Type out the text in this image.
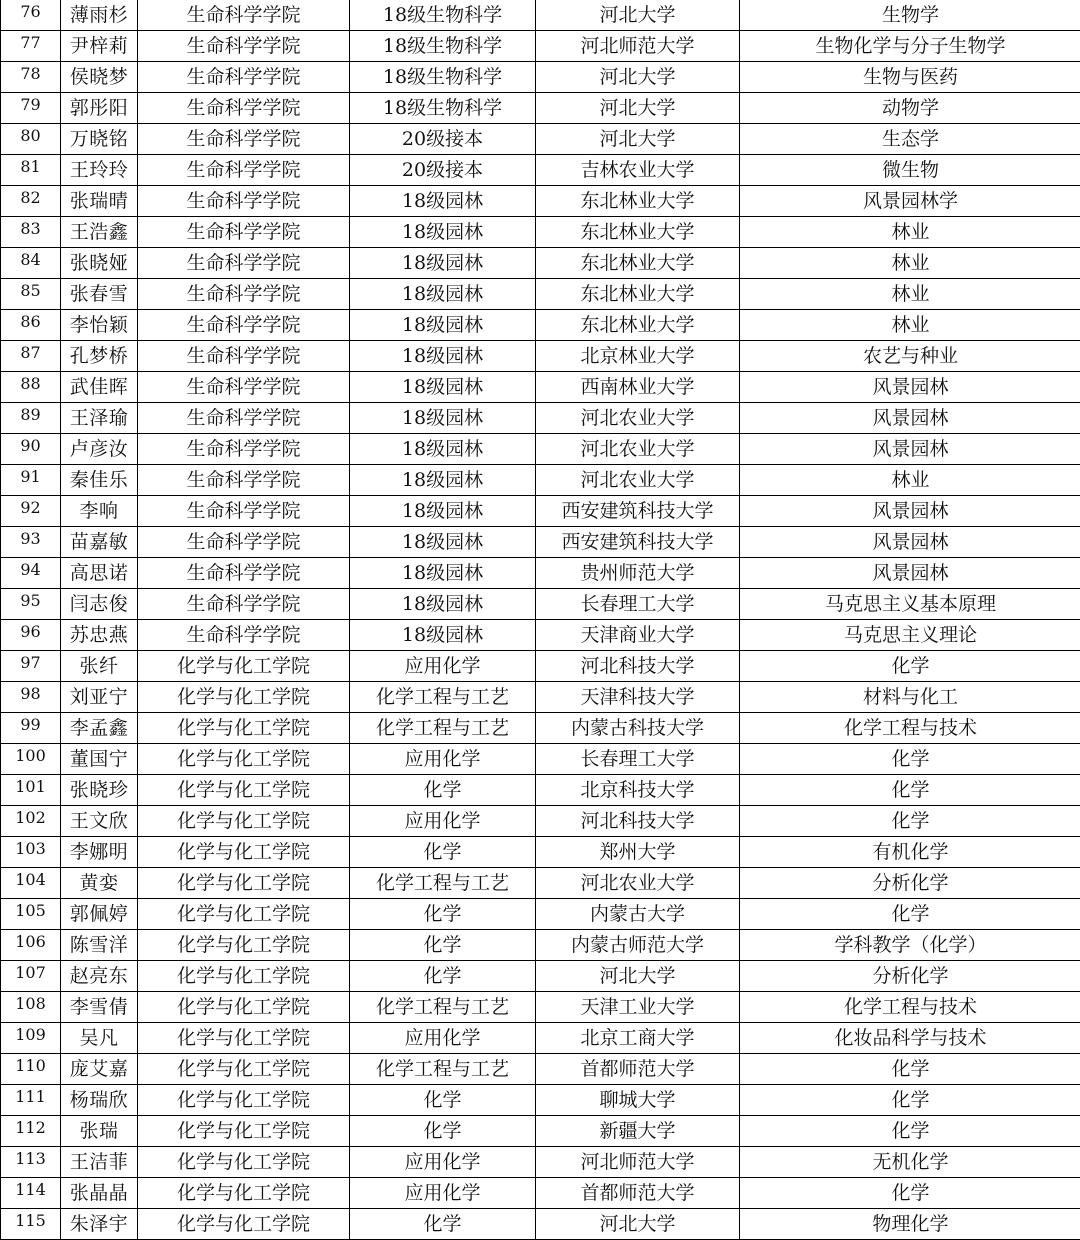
76	薄雨杉	生命科学学院	18级生物科学	河北大学	生物学
77	尹梓莉	生命科学学院	18级生物科学	河北师范大学	生物化学与分子生物学
78	侯晓梦	生命科学学院	18级生物科学	河北大学	生物与医药
79	郭彤阳	生命科学学院	18级生物科学	河北大学	动物学
80	万晓铭	生命科学学院	20级接本	河北大学	生态学
81	王玲玲	生命科学学院	20级接本	吉林农业大学	微生物
82	张瑞晴	生命科学学院	18级园林	东北林业大学	风景园林学
83	王浩鑫	生命科学学院	18级园林	东北林业大学	林业
84	张晓娅	生命科学学院	18级园林	东北林业大学	林业
85	张春雪	生命科学学院	18级园林	东北林业大学	林业
86	李怡颖	生命科学学院	18级园林	东北林业大学	林业
87	孔梦桥	生命科学学院	18级园林	北京林业大学	农艺与种业
88	武佳晖	生命科学学院	18级园林	西南林业大学	风景园林
89	王泽瑜	生命科学学院	18级园林	河北农业大学	风景园林
90	卢彦汝	生命科学学院	18级园林	河北农业大学	风景园林
91	秦佳乐	生命科学学院	18级园林	河北农业大学	林业
92	李响	生命科学学院	18级园林	西安建筑科技大学	风景园林
93	苗嘉敏	生命科学学院	18级园林	西安建筑科技大学	风景园林
94	高思诺	生命科学学院	18级园林	贵州师范大学	风景园林
95	闫志俊	生命科学学院	18级园林	长春理工大学	马克思主义基本原理
96	苏忠燕	生命科学学院	18级园林	天津商业大学	马克思主义理论
97	张纤	化学与化工学院	应用化学	河北科技大学	化学
98	刘亚宁	化学与化工学院	化学工程与工艺	天津科技大学	材料与化工
99	李孟鑫	化学与化工学院	化学工程与工艺	内蒙古科技大学	化学工程与技术
100	董国宁	化学与化工学院	应用化学	长春理工大学	化学
101	张晓珍	化学与化工学院	化学	北京科技大学	化学
102	王文欣	化学与化工学院	应用化学	河北科技大学	化学
103	李娜明	化学与化工学院	化学	郑州大学	有机化学
104	黄娈	化学与化工学院	化学工程与工艺	河北农业大学	分析化学
105	郭佩婷	化学与化工学院	化学	内蒙古大学	化学
106	陈雪洋	化学与化工学院	化学	内蒙古师范大学	学科教学（化学）
107	赵亮东	化学与化工学院	化学	河北大学	分析化学
108	李雪倩	化学与化工学院	化学工程与工艺	天津工业大学	化学工程与技术
109	吴凡	化学与化工学院	应用化学	北京工商大学	化妆品科学与技术
110	庞艾嘉	化学与化工学院	化学工程与工艺	首都师范大学	化学
111	杨瑞欣	化学与化工学院	化学	聊城大学	化学
112	张瑞	化学与化工学院	化学	新疆大学	化学
113	王洁菲	化学与化工学院	应用化学	河北师范大学	无机化学
114	张晶晶	化学与化工学院	应用化学	首都师范大学	化学
115	朱泽宇	化学与化工学院	化学	河北大学	物理化学
